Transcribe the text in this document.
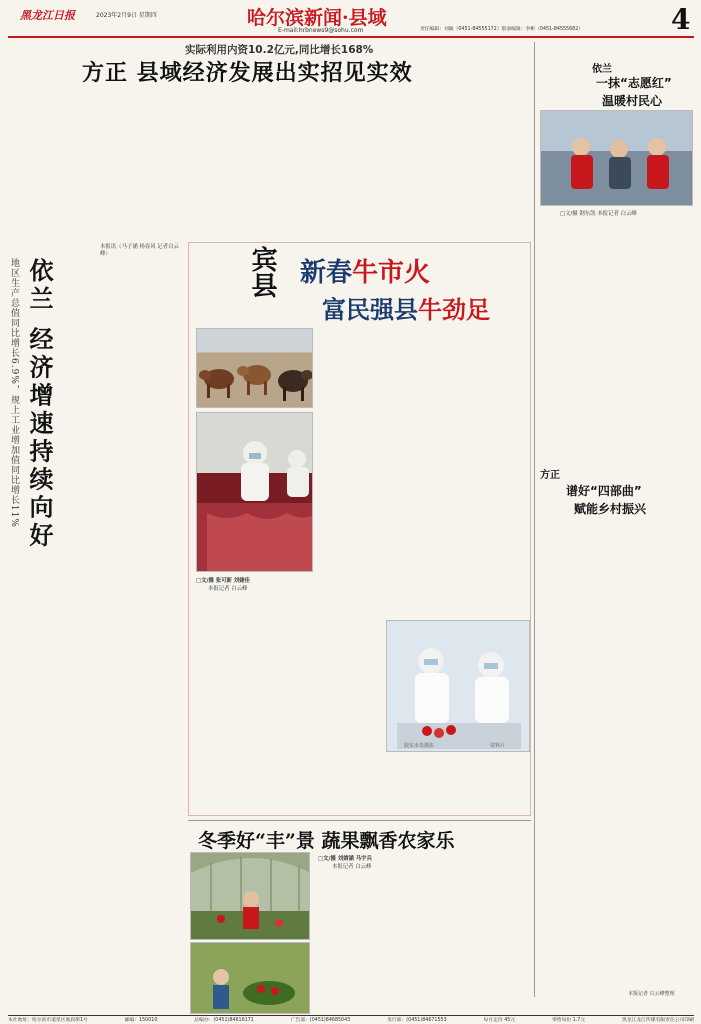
黑龙江日报	2023年2月9日 星期四	哈尔滨新闻·县域
E-mail:hrbnews9@sohu.com	责任编辑：刘颖（0451-84555172）版面编辑：李彬（0451-84555682）	4
实际利用内资10.2亿元,同比增长168%
方正 县域经济发展出实招见实效
地区生产总值同比增长6.9%，规上工业增加值同比增长11% 依兰 经济增速持续向好
本报讯（马子涵 杨春风 记者白云峰）	宾县 新春牛市火
富民强县牛劲足
胶东市朱摄影	资料片
□文/摄 张可新 刘婕佳
本报记者 白云峰
依兰
一抹“志愿红”
温暖村民心
□文/摄 钢东凯 本报记者 白云峰
方正
谱好“四部曲”
赋能乡村振兴
本报记者 白云峰整理
冬季好“丰”景 蔬果飘香农家乐
□文/摄 刘婧涵 马宇兵
本报记者 白云峰
本社地址：哈尔滨市道里区地段街1号	邮编：150010	总编办：(0451)84616171	广告部：(0451)84685043	发行部：(0451)84671553	每月定价 45元	零售每份 1.7元	黑龙江龙江传媒有限责任公司印刷
